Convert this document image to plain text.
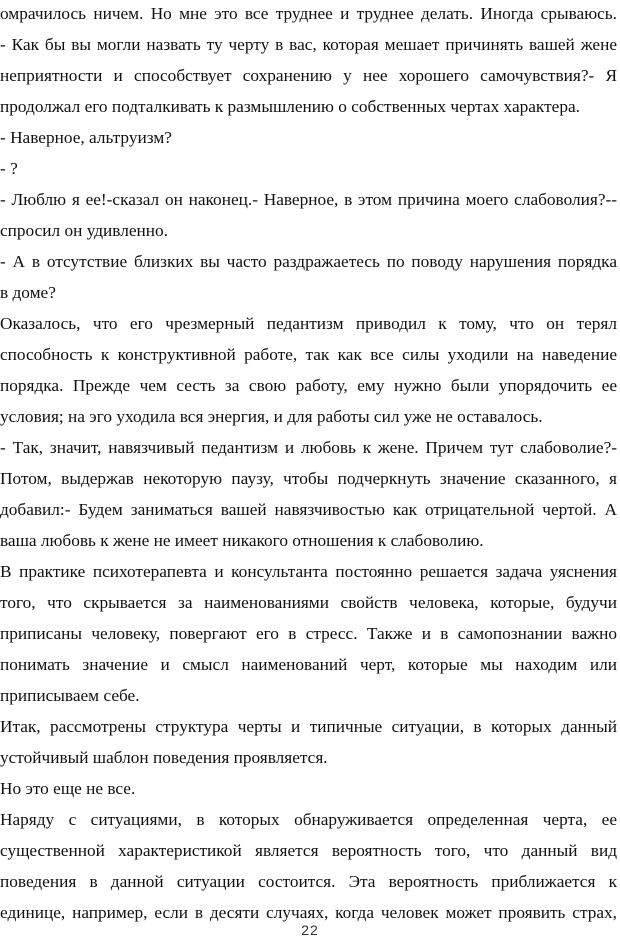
омрачилось ничем. Но мне это все труднее и труднее делать. Иногда срываюсь.
- Как бы вы могли назвать ту черту в вас, которая мешает причинять вашей жене
неприятности и способствует сохранению у нее хорошего самочувствия?- Я
продолжал его подталкивать к размышлению о собственных чертах характера.
- Наверное, альтруизм?
- ?
- Люблю я ее!-сказал он наконец.- Наверное, в этом причина моего слабоволия?--
спросил он удивленно.
- А в отсутствие близких вы часто раздражаетесь по поводу нарушения порядка
в доме?
Оказалось, что его чрезмерный педантизм приводил к тому, что он терял
способность к конструктивной работе, так как все силы уходили на наведение
порядка. Прежде чем сесть за свою работу, ему нужно были упорядочить ее
условия; на эго уходила вся энергия, и для работы сил уже не оставалось.
- Так, значит, навязчивый педантизм и любовь к жене. Причем тут слабоволие?-
Потом, выдержав некоторую паузу, чтобы подчеркнуть значение сказанного, я
добавил:- Будем заниматься вашей навязчивостью как отрицательной чертой. А
ваша любовь к жене не имеет никакого отношения к слабоволию.
В практике психотерапевта и консультанта постоянно решается задача уяснения
того, что скрывается за наименованиями свойств человека, которые, будучи
приписаны человеку, повергают его в стресс. Также и в самопознании важно
понимать значение и смысл наименований черт, которые мы находим или
приписываем себе.
Итак, рассмотрены структура черты и типичные ситуации, в которых данный
устойчивый шаблон поведения проявляется.
Но это еще не все.
Наряду с ситуациями, в которых обнаруживается определенная черта, ее
существенной характеристикой является вероятность того, что данный вид
поведения в данной ситуации состоится. Эта вероятность приближается к
единице, например, если в десяти случаях, когда человек может проявить страх,
22
